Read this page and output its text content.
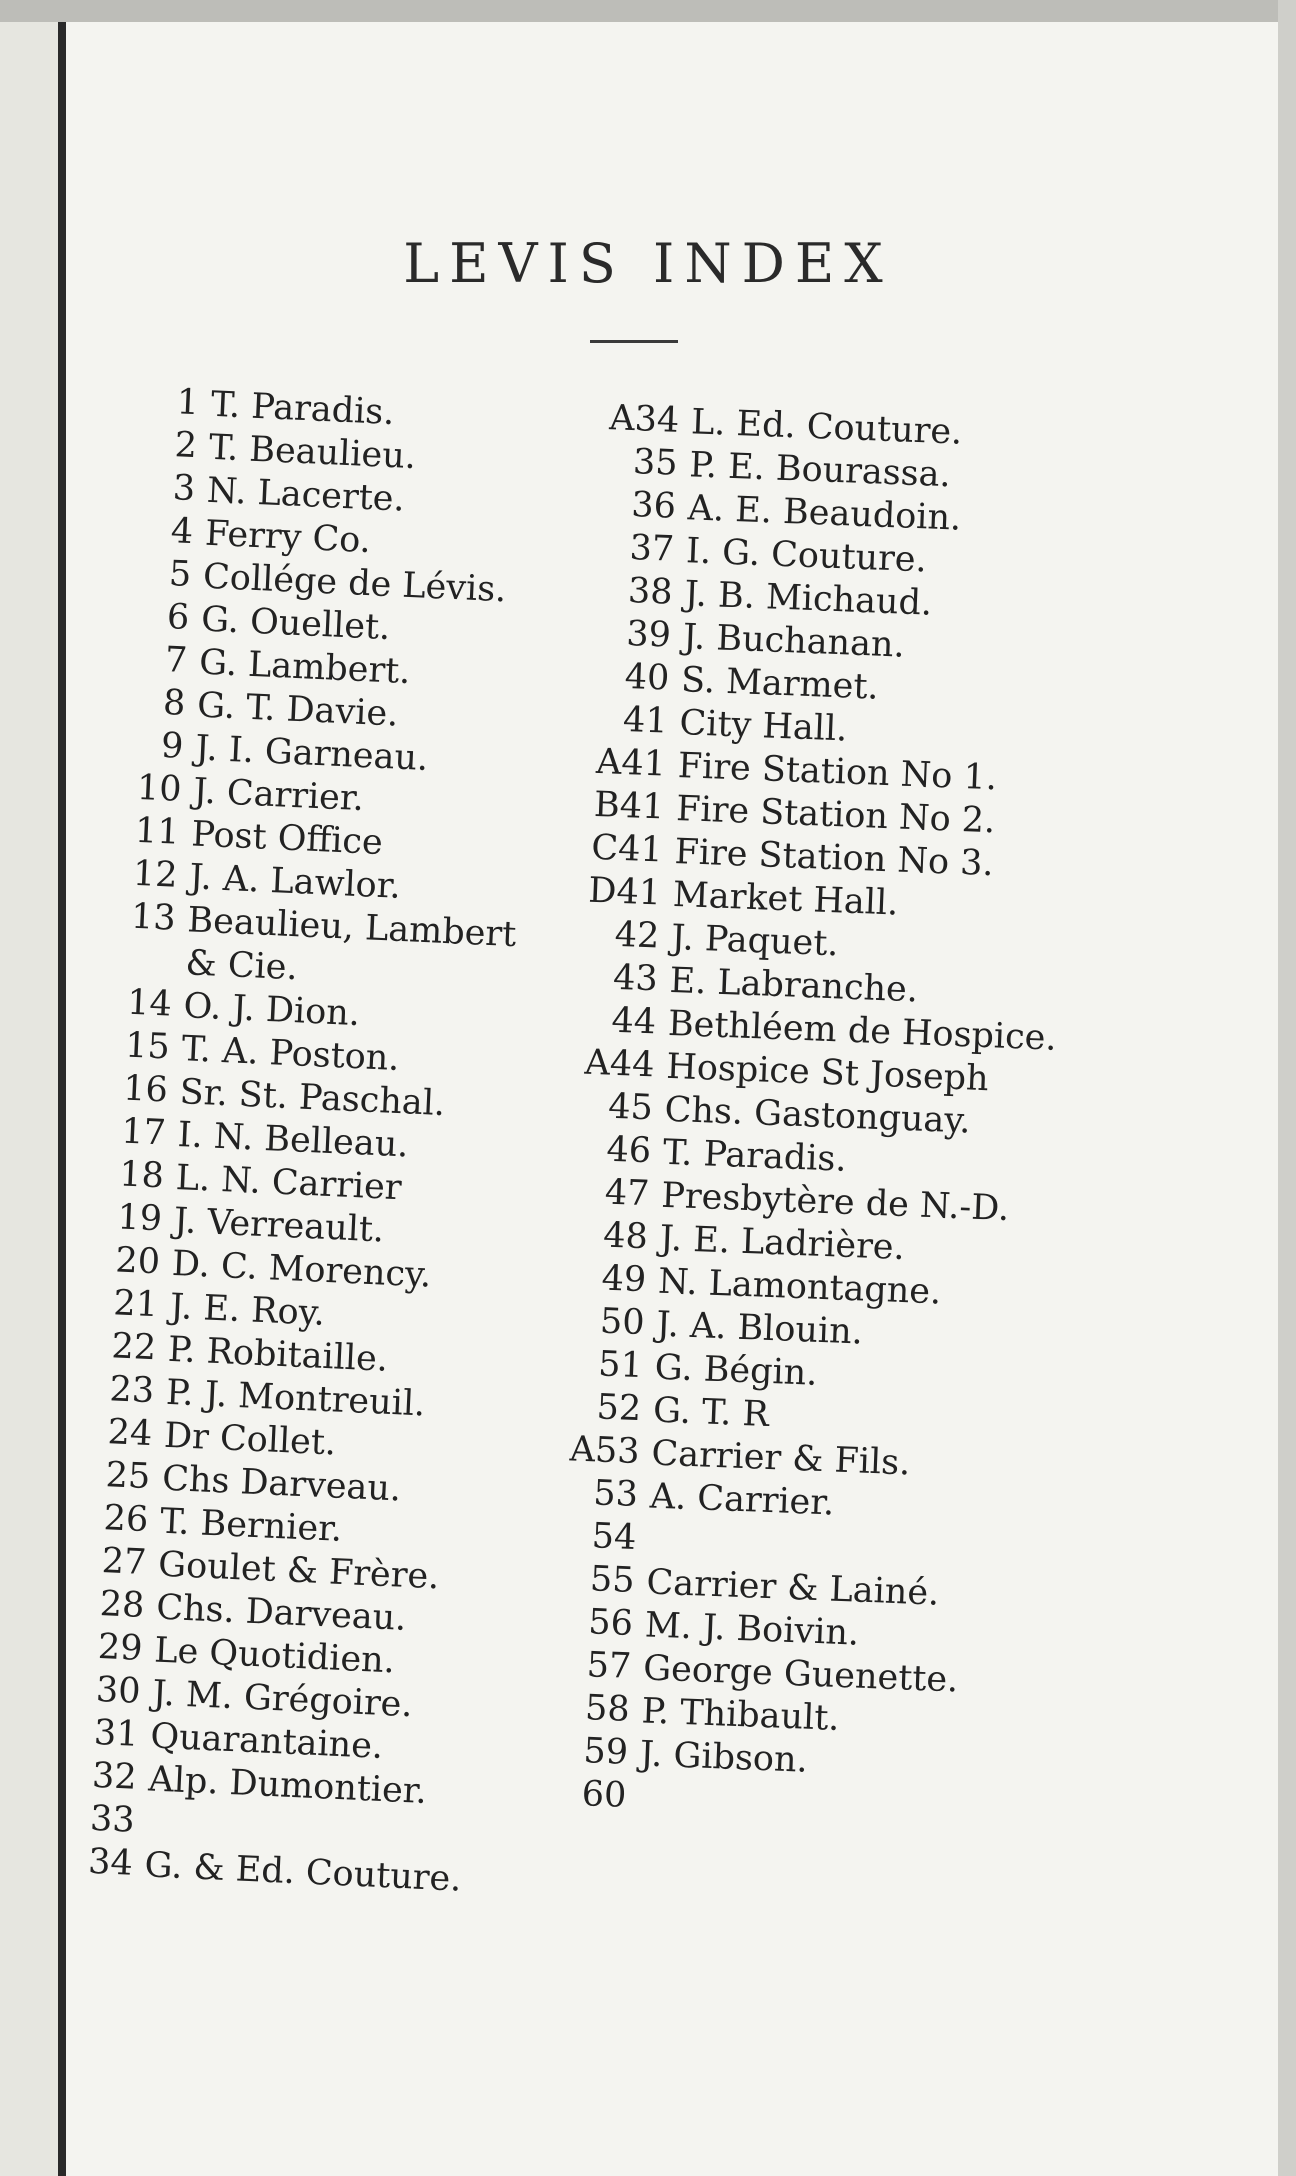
LEVIS INDEX
1 T. Paradis.
2 T. Beaulieu.
3 N. Lacerte.
4 Ferry Co.
5 Collége de Lévis.
6 G. Ouellet.
7 G. Lambert.
8 G. T. Davie.
9 J. I. Garneau.
10 J. Carrier.
11 Post Office
12 J. A. Lawlor.
13 Beaulieu, Lambert & Cie.
14 O. J. Dion.
15 T. A. Poston.
16 Sr. St. Paschal.
17 I. N. Belleau.
18 L. N. Carrier
19 J. Verreault.
20 D. C. Morency.
21 J. E. Roy.
22 P. Robitaille.
23 P. J. Montreuil.
24 Dr Collet.
25 Chs Darveau.
26 T. Bernier.
27 Goulet & Frère.
28 Chs. Darveau.
29 Le Quotidien.
30 J. M. Grégoire.
31 Quarantaine.
32 Alp. Dumontier.
33
34 G. & Ed. Couture.
A34 L. Ed. Couture.
35 P. E. Bourassa.
36 A. E. Beaudoin.
37 I. G. Couture.
38 J. B. Michaud.
39 J. Buchanan.
40 S. Marmet.
41 City Hall.
A41 Fire Station No 1.
B41 Fire Station No 2.
C41 Fire Station No 3.
D41 Market Hall.
42 J. Paquet.
43 E. Labranche.
44 Bethléem de Hospice.
A44 Hospice St Joseph
45 Chs. Gastonguay.
46 T. Paradis.
47 Presbytère de N.-D.
48 J. E. Ladrière.
49 N. Lamontagne.
50 J. A. Blouin.
51 G. Bégin.
52 G. T. R
A53 Carrier & Fils.
53 A. Carrier.
54
55 Carrier & Lainé.
56 M. J. Boivin.
57 George Guenette.
58 P. Thibault.
59 J. Gibson.
60
